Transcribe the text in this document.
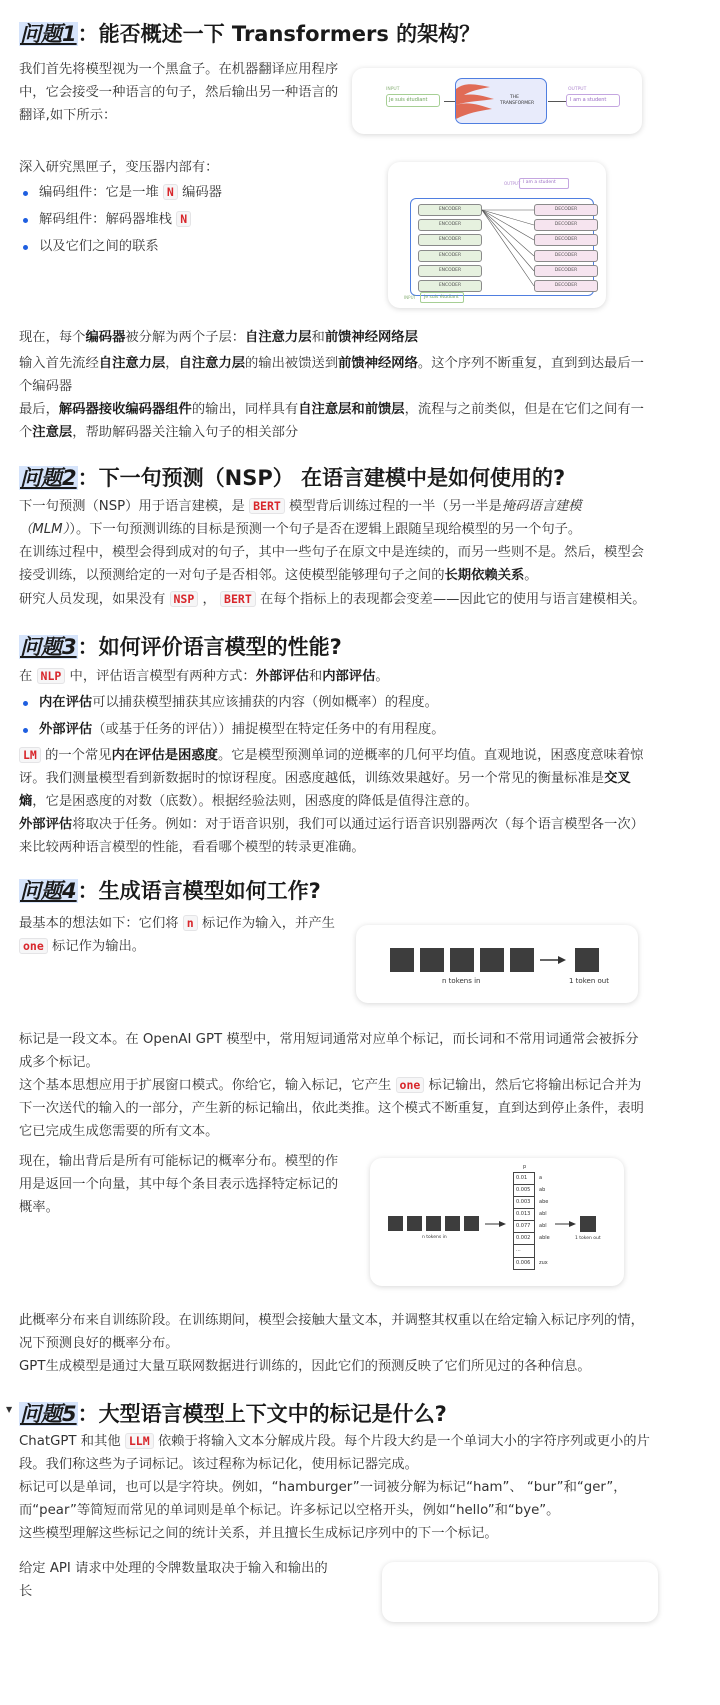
问题1：能否概述一下 Transformers 的架构？

我们首先将模型视为一个黑盒子。在机器翻译应用程序
中，它会接受一种语言的句子，然后输出另一种语言的
翻译,如下所示：

INPUT
Je suis étudiant	THE
TRANSFORMER
OUTPUT
I am a student

深入研究黑匣子，变压器内部有：

编码组件：它是一堆 N 编码器
解码组件：解码器堆栈 N
以及它们之间的联系
OUTPUT I am a student
ENCODER
ENCODER
ENCODER
ENCODER
ENCODER
ENCODER
DECODER
DECODER
DECODER
DECODER
DECODER
DECODER
INPUT Je suis étudiant

现在，每个编码器被分解为两个子层：自注意力层和前馈神经网络层

输入首先流经自注意力层，自注意力层的输出被馈送到前馈神经网络。这个序列不断重复，直到到达最后一个编码器

最后，解码器接收编码器组件的输出，同样具有自注意层和前馈层，流程与之前类似，但是在它们之间有一个注意层，帮助解码器关注输入句子的相关部分

问题2：下一句预测（NSP） 在语言建模中是如何使用的?

下一句预测（NSP）用于语言建模，是 BERT 模型背后训练过程的一半（另一半是掩码语言建模（MLM））。下一句预测训练的目标是预测一个句子是否在逻辑上跟随呈现给模型的另一个句子。

在训练过程中，模型会得到成对的句子，其中一些句子在原文中是连续的，而另一些则不是。然后，模型会接受训练，以预测给定的一对句子是否相邻。这使模型能够理句子之间的长期依赖关系。

研究人员发现，如果没有 NSP ， BERT 在每个指标上的表现都会变差——因此它的使用与语言建模相关。

问题3：如何评价语言模型的性能?

在 NLP 中，评估语言模型有两种方式：外部评估和内部评估。

内在评估可以捕获模型捕获其应该捕获的内容（例如概率）的程度。
外部评估（或基于任务的评估））捕捉模型在特定任务中的有用程度。

LM 的一个常见内在评估是困惑度。它是模型预测单词的逆概率的几何平均值。直观地说，困惑度意味着惊讶。我们测量模型看到新数据时的惊讶程度。困惑度越低，训练效果越好。另一个常见的衡量标准是交叉熵，它是困惑度的对数（底数）。根据经验法则，困惑度的降低是值得注意的。

外部评估将取决于任务。例如：对于语音识别，我们可以通过运行语音识别器两次（每个语言模型各一次）来比较两种语言模型的性能，看看哪个模型的转录更准确。

问题4：生成语言模型如何工作?

最基本的想法如下：它们将 n 标记作为输入，并产生 one 标记作为输出。

n tokens in	1 token out

标记是一段文本。在 OpenAI GPT 模型中，常用短词通常对应单个标记，而长词和不常用词通常会被拆分成多个标记。

这个基本思想应用于扩展窗口模式。你给它，输入标记，它产生 one 标记输出，然后它将输出标记合并为下一次送代的输入的一部分，产生新的标记输出，依此类推。这个模式不断重复，直到达到停止条件，表明它已完成生成您需要的所有文本。

现在，输出背后是所有可能标记的概率分布。模型的作
用是返回一个向量，其中每个条目表示选择特定标记的
概率。

n tokens in
p
0.01	a
0.005	ab
0.003	abe
0.013	abl
0.077	abl
0.002	able
...
0.006	zux
1 token out

此概率分布来自训练阶段。在训练期间，模型会接触大量文本，并调整其权重以在给定输入标记序列的情，况下预测良好的概率分布。

GPT生成模型是通过大量互联网数据进行训练的，因此它们的预测反映了它们所见过的各种信息。

▼ 问题5：大型语言模型上下文中的标记是什么?

ChatGPT 和其他 LLM 依赖于将输入文本分解成片段。每个片段大约是一个单词大小的字符序列或更小的片段。我们称这些为子词标记。该过程称为标记化，使用标记器完成。

标记可以是单词，也可以是字符块。例如，“hamburger”一词被分解为标记“ham”、 “bur”和“ger”，而“pear”等简短而常见的单词则是单个标记。许多标记以空格开头，例如“hello”和“bye”。

这些模型理解这些标记之间的统计关系，并且擅长生成标记序列中的下一个标记。

给定 API 请求中处理的令牌数量取决于输入和输出的长
